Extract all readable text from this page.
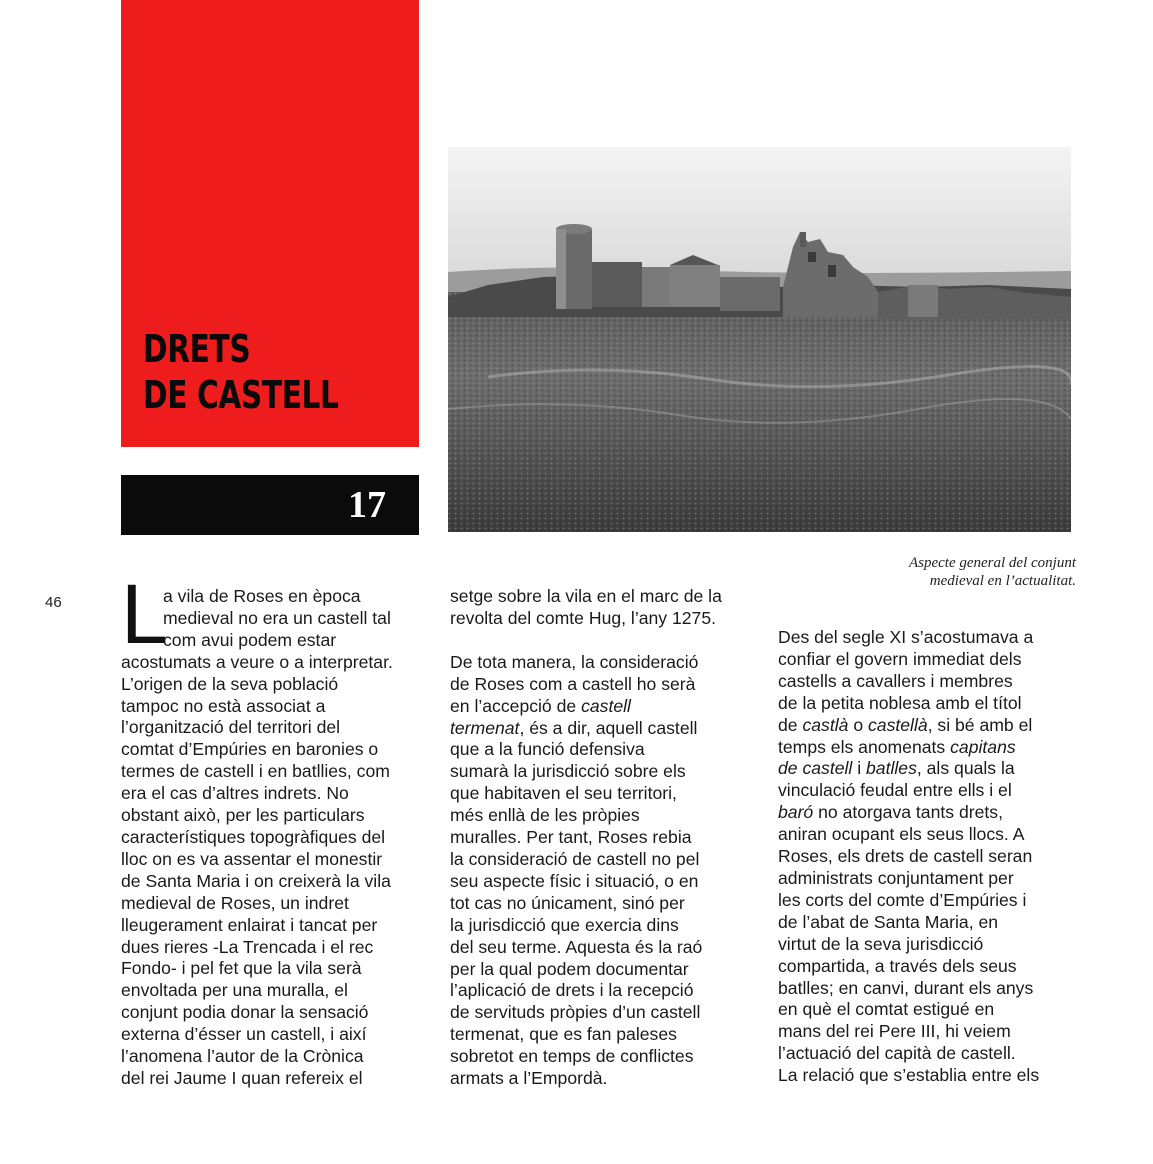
DRETS
DE CASTELL
17
Aspecte general del conjunt
medieval en l’actualitat.
46 L
a vila de Roses en època
medieval no era un castell tal
com avui podem estar
acostumats a veure o a interpretar.
L’origen de la seva població
tampoc no està associat a
l’organització del territori del
comtat d’Empúries en baronies o
termes de castell i en batllies, com
era el cas d’altres indrets. No
obstant això, per les particulars
característiques topogràfiques del
lloc on es va assentar el monestir
de Santa Maria i on creixerà la vila
medieval de Roses, un indret
lleugerament enlairat i tancat per
dues rieres -La Trencada i el rec
Fondo- i pel fet que la vila serà
envoltada per una muralla, el
conjunt podia donar la sensació
externa d’ésser un castell, i així
l’anomena l’autor de la Crònica
del rei Jaume I quan refereix el
setge sobre la vila en el marc de la
revolta del comte Hug, l’any 1275.
De tota manera, la consideració
de Roses com a castell ho serà
en l’accepció de castell
termenat, és a dir, aquell castell
que a la funció defensiva
sumarà la jurisdicció sobre els
que habitaven el seu territori,
més enllà de les pròpies
muralles. Per tant, Roses rebia
la consideració de castell no pel
seu aspecte físic i situació, o en
tot cas no únicament, sinó per
la jurisdicció que exercia dins
del seu terme. Aquesta és la raó
per la qual podem documentar
l’aplicació de drets i la recepció
de servituds pròpies d’un castell
termenat, que es fan paleses
sobretot en temps de conflictes
armats a l’Empordà.
Des del segle XI s’acostumava a
confiar el govern immediat dels
castells a cavallers i membres
de la petita noblesa amb el títol
de castlà o castellà, si bé amb el
temps els anomenats capitans
de castell i batlles, als quals la
vinculació feudal entre ells i el
baró no atorgava tants drets,
aniran ocupant els seus llocs. A
Roses, els drets de castell seran
administrats conjuntament per
les corts del comte d’Empúries i
de l’abat de Santa Maria, en
virtut de la seva jurisdicció
compartida, a través dels seus
batlles; en canvi, durant els anys
en què el comtat estigué en
mans del rei Pere III, hi veiem
l’actuació del capità de castell.
La relació que s’establia entre els
